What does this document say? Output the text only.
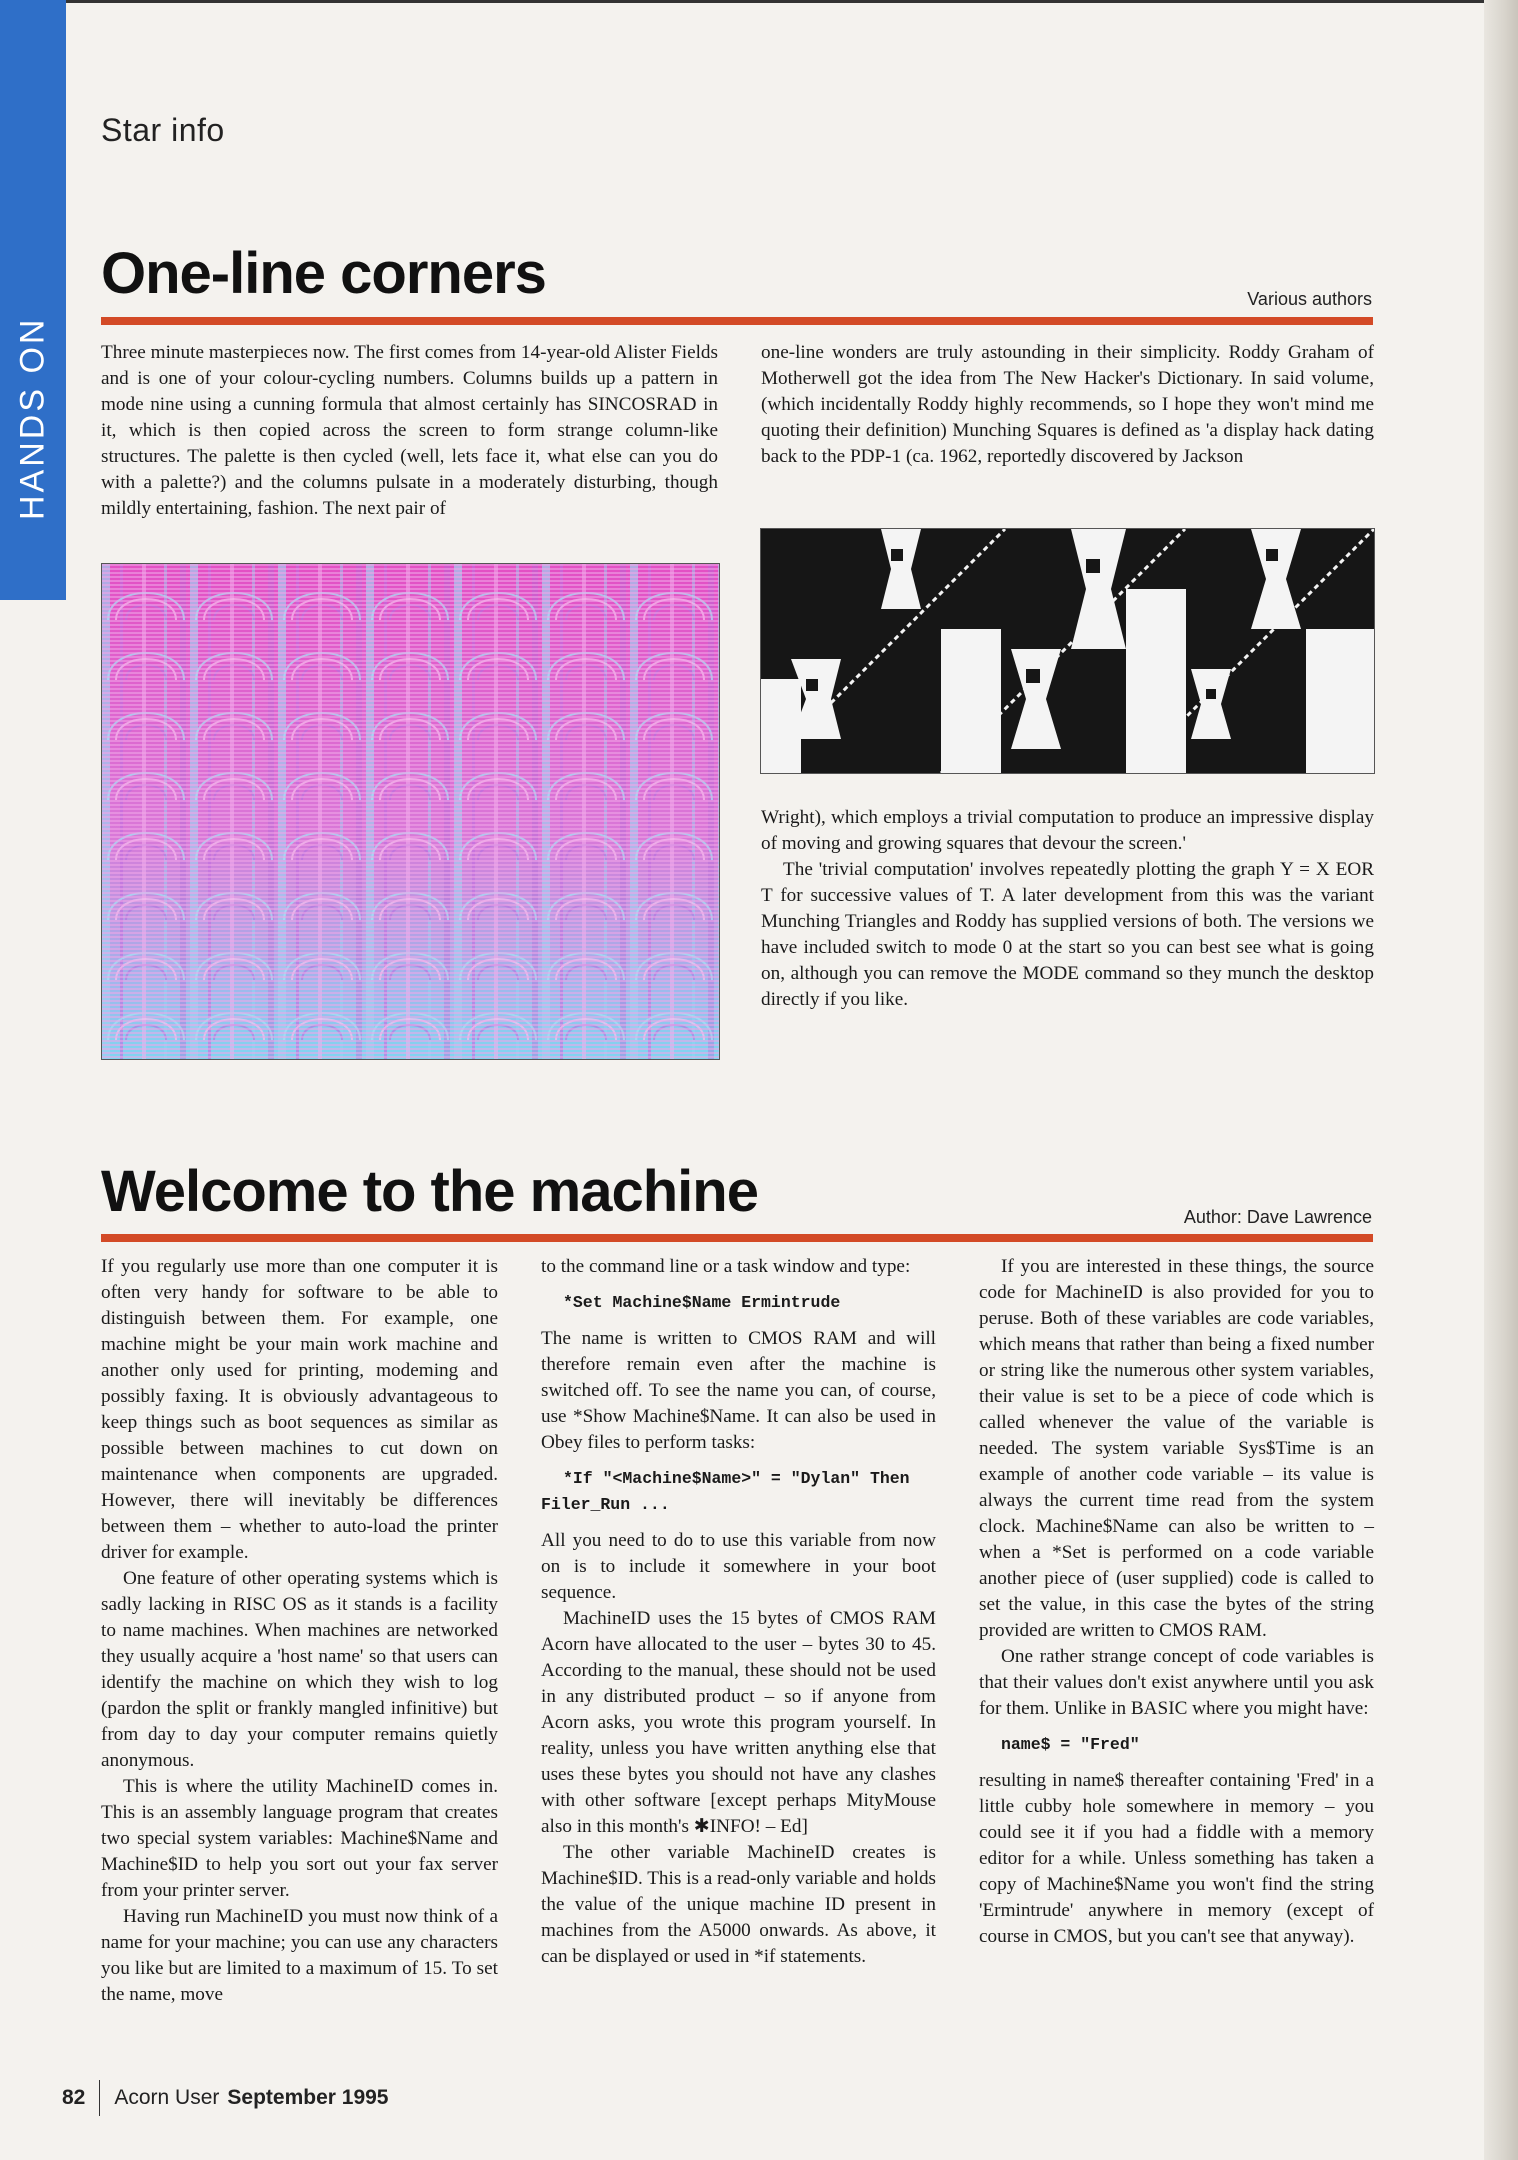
HANDS ON
Star info
One-line corners	Various authors

Three minute masterpieces now. The first comes from 14-year-old Alister Fields and is one of your colour-cycling numbers. Columns builds up a pattern in mode nine using a cunning formula that almost certainly has SINCOSRAD in it, which is then copied across the screen to form strange column-like structures. The palette is then cycled (well, lets face it, what else can you do with a palette?) and the columns pulsate in a moderately disturbing, though mildly entertaining, fashion. The next pair of

one-line wonders are truly astounding in their simplicity. Roddy Graham of Motherwell got the idea from The New Hacker's Dictionary. In said volume, (which incidentally Roddy highly recommends, so I hope they won't mind me quoting their definition) Munching Squares is defined as 'a display hack dating back to the PDP-1 (ca. 1962, reportedly discovered by Jackson

Wright), which employs a trivial computation to produce an impressive display of moving and growing squares that devour the screen.'

The 'trivial computation' involves repeatedly plotting the graph Y = X EOR T for successive values of T. A later development from this was the variant Munching Triangles and Roddy has supplied versions of both. The versions we have included switch to mode 0 at the start so you can best see what is going on, although you can remove the MODE command so they munch the desktop directly if you like.

Welcome to the machine	Author: Dave Lawrence

If you regularly use more than one computer it is often very handy for software to be able to distinguish between them. For example, one machine might be your main work machine and another only used for printing, modeming and possibly faxing. It is obviously advantageous to keep things such as boot sequences as similar as possible between machines to cut down on maintenance when components are upgraded. However, there will inevitably be differences between them – whether to auto-load the printer driver for example.

One feature of other operating systems which is sadly lacking in RISC OS as it stands is a facility to name machines. When machines are networked they usually acquire a 'host name' so that users can identify the machine on which they wish to log (pardon the split or frankly mangled infinitive) but from day to day your computer remains quietly anonymous.

This is where the utility MachineID comes in. This is an assembly language program that creates two special system variables: Machine$Name and Machine$ID to help you sort out your fax server from your printer server.

Having run MachineID you must now think of a name for your machine; you can use any characters you like but are limited to a maximum of 15. To set the name, move

to the command line or a task window and type:

*Set Machine$Name Ermintrude

The name is written to CMOS RAM and will therefore remain even after the machine is switched off. To see the name you can, of course, use *Show Machine$Name. It can also be used in Obey files to perform tasks:

*If "<Machine$Name>" = "Dylan" Then

Filer_Run ...

All you need to do to use this variable from now on is to include it somewhere in your boot sequence.

MachineID uses the 15 bytes of CMOS RAM Acorn have allocated to the user – bytes 30 to 45. According to the manual, these should not be used in any distributed product – so if anyone from Acorn asks, you wrote this program yourself. In reality, unless you have written anything else that uses these bytes you should not have any clashes with other software [except perhaps MityMouse also in this month's ✱INFO! – Ed]

The other variable MachineID creates is Machine$ID. This is a read-only variable and holds the value of the unique machine ID present in machines from the A5000 onwards. As above, it can be displayed or used in *if statements.

If you are interested in these things, the source code for MachineID is also provided for you to peruse. Both of these variables are code variables, which means that rather than being a fixed number or string like the numerous other system variables, their value is set to be a piece of code which is called whenever the value of the variable is needed. The system variable Sys$Time is an example of another code variable – its value is always the current time read from the system clock. Machine$Name can also be written to – when a *Set is performed on a code variable another piece of (user supplied) code is called to set the value, in this case the bytes of the string provided are written to CMOS RAM.

One rather strange concept of code variables is that their values don't exist anywhere until you ask for them. Unlike in BASIC where you might have:

name$ = "Fred"

resulting in name$ thereafter containing 'Fred' in a little cubby hole somewhere in memory – you could see it if you had a fiddle with a memory editor for a while. Unless something has taken a copy of Machine$Name you won't find the string 'Ermintrude' anywhere in memory (except of course in CMOS, but you can't see that anyway).

82 Acorn User September 1995
